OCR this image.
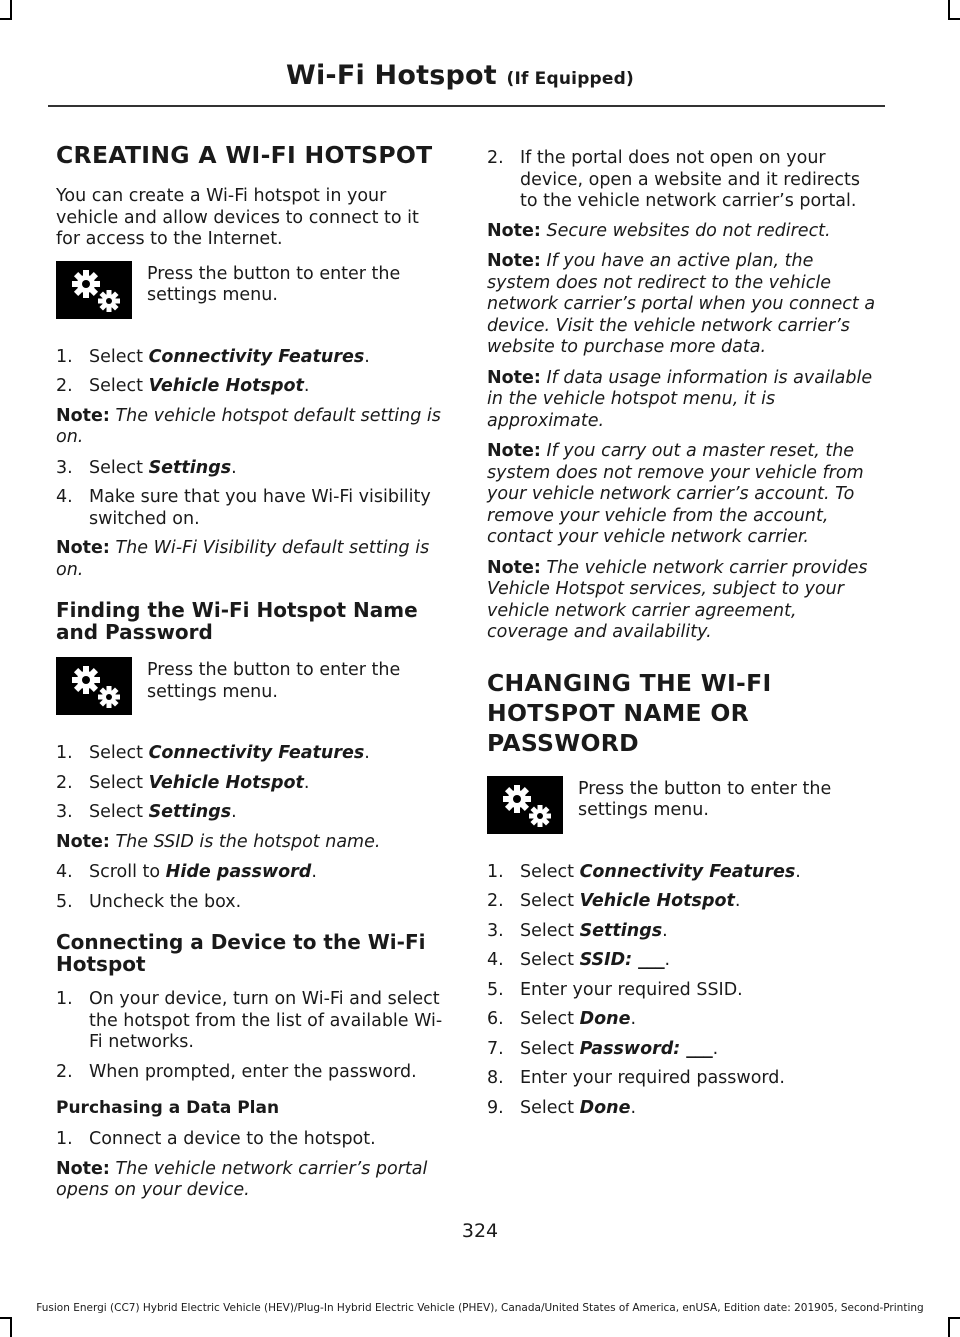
Wi-Fi Hotspot (If Equipped)
CREATING A WI-FI HOTSPOT
You can create a Wi-Fi hotspot in your vehicle and allow devices to connect to it for access to the Internet.
Press the button to enter the settings menu.
1. Select Connectivity Features.
2. Select Vehicle Hotspot.
Note: The vehicle hotspot default setting is on.
3. Select Settings.
4. Make sure that you have Wi-Fi visibility switched on.
Note: The Wi-Fi Visibility default setting is on.
Finding the Wi-Fi Hotspot Name and Password
Press the button to enter the settings menu.
1. Select Connectivity Features.
2. Select Vehicle Hotspot.
3. Select Settings.
Note: The SSID is the hotspot name.
4. Scroll to Hide password.
5. Uncheck the box.
Connecting a Device to the Wi-Fi Hotspot
1. On your device, turn on Wi-Fi and select the hotspot from the list of available Wi-Fi networks.
2. When prompted, enter the password.
Purchasing a Data Plan
1. Connect a device to the hotspot.
Note: The vehicle network carrier’s portal opens on your device.
2. If the portal does not open on your device, open a website and it redirects to the vehicle network carrier’s portal.
Note: Secure websites do not redirect.
Note: If you have an active plan, the system does not redirect to the vehicle network carrier’s portal when you connect a device. Visit the vehicle network carrier’s website to purchase more data.
Note: If data usage information is available in the vehicle hotspot menu, it is approximate.
Note: If you carry out a master reset, the system does not remove your vehicle from your vehicle network carrier’s account. To remove your vehicle from the account, contact your vehicle network carrier.
Note: The vehicle network carrier provides Vehicle Hotspot services, subject to your vehicle network carrier agreement, coverage and availability.
CHANGING THE WI-FI
HOTSPOT NAME OR
PASSWORD
Press the button to enter the settings menu.
1. Select Connectivity Features.
2. Select Vehicle Hotspot.
3. Select Settings.
4. Select SSID: ___.
5. Enter your required SSID.
6. Select Done.
7. Select Password: ___.
8. Enter your required password.
9. Select Done.
324
Fusion Energi (CC7) Hybrid Electric Vehicle (HEV)/Plug-In Hybrid Electric Vehicle (PHEV), Canada/United States of America, enUSA, Edition date: 201905, Second-Printing
